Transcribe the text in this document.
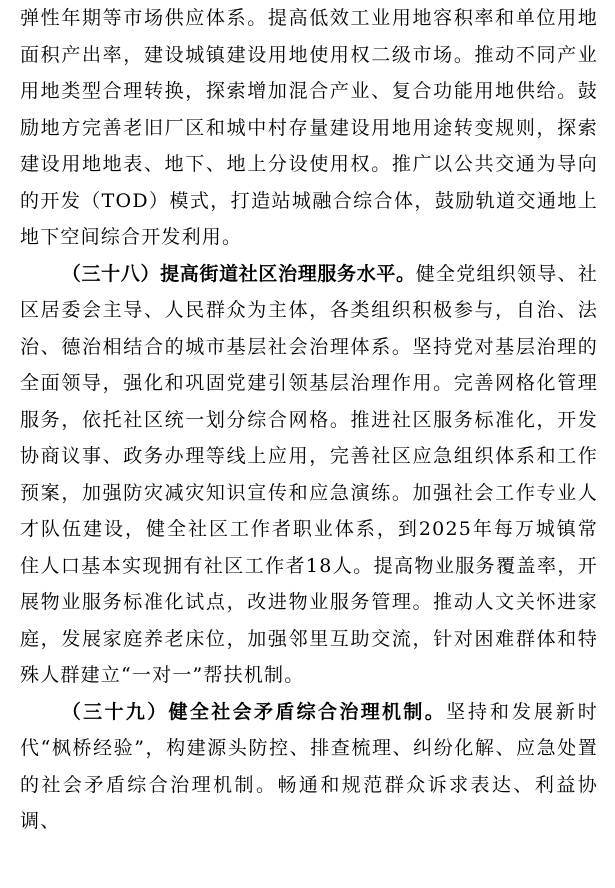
弹性年期等市场供应体系。提高低效工业用地容积率和单位用地面积产出率，建设城镇建设用地使用权二级市场。推动不同产业用地类型合理转换，探索增加混合产业、复合功能用地供给。鼓励地方完善老旧厂区和城中村存量建设用地用途转变规则，探索建设用地地表、地下、地上分设使用权。推广以公共交通为导向的开发（TOD）模式，打造站城融合综合体，鼓励轨道交通地上地下空间综合开发利用。

（三十八）提高街道社区治理服务水平。健全党组织领导、社区居委会主导、人民群众为主体，各类组织积极参与，自治、法治、德治相结合的城市基层社会治理体系。坚持党对基层治理的全面领导，强化和巩固党建引领基层治理作用。完善网格化管理服务，依托社区统一划分综合网格。推进社区服务标准化，开发协商议事、政务办理等线上应用，完善社区应急组织体系和工作预案，加强防灾减灾知识宣传和应急演练。加强社会工作专业人才队伍建设，健全社区工作者职业体系，到2025年每万城镇常住人口基本实现拥有社区工作者18人。提高物业服务覆盖率，开展物业服务标准化试点，改进物业服务管理。推动人文关怀进家庭，发展家庭养老床位，加强邻里互助交流，针对困难群体和特殊人群建立“一对一”帮扶机制。

（三十九）健全社会矛盾综合治理机制。坚持和发展新时代“枫桥经验”，构建源头防控、排查梳理、纠纷化解、应急处置的社会矛盾综合治理机制。畅通和规范群众诉求表达、利益协调、
